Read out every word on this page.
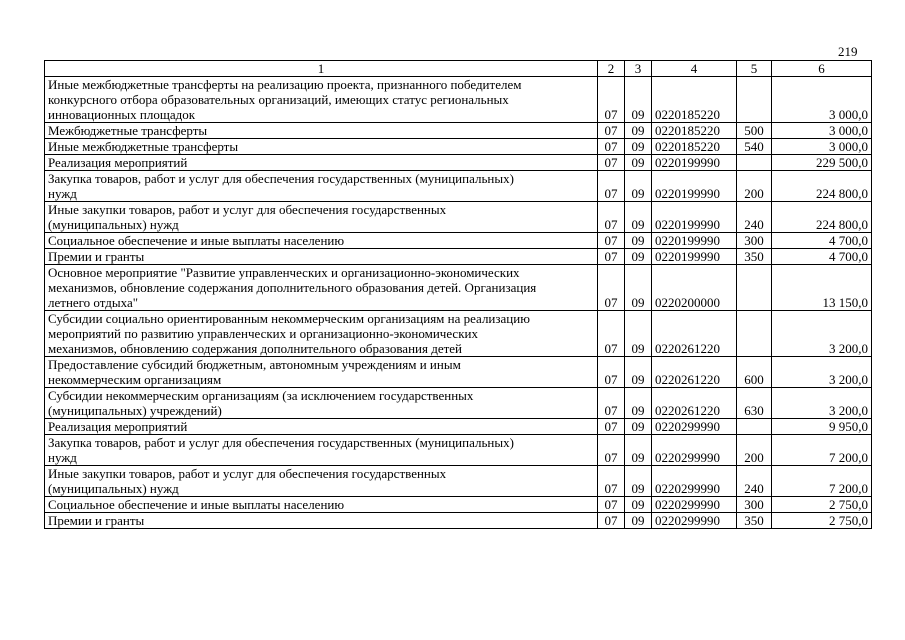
219
1	2	3	4	5	6

Иные межбюджетные трансферты на реализацию проекта, признанного победителем
конкурсного отбора образовательных организаций, имеющих статус региональных
инновационных площадок	07	09	0220185220		3 000,0

Межбюджетные трансферты	07	09	0220185220	500	3 000,0

Иные межбюджетные трансферты	07	09	0220185220	540	3 000,0

Реализация мероприятий	07	09	0220199990		229 500,0

Закупка товаров, работ и услуг для обеспечения государственных (муниципальных)
нужд	07	09	0220199990	200	224 800,0

Иные закупки товаров, работ и услуг для обеспечения государственных
(муниципальных) нужд	07	09	0220199990	240	224 800,0

Социальное обеспечение и иные выплаты населению	07	09	0220199990	300	4 700,0

Премии и гранты	07	09	0220199990	350	4 700,0

Основное мероприятие "Развитие управленческих и организационно-экономических
механизмов, обновление содержания дополнительного образования детей. Организация
летнего отдыха"	07	09	0220200000		13 150,0

Субсидии социально ориентированным некоммерческим организациям на реализацию
мероприятий по развитию управленческих и организационно-экономических
механизмов, обновлению содержания дополнительного образования детей	07	09	0220261220		3 200,0

Предоставление субсидий бюджетным, автономным учреждениям и иным
некоммерческим организациям	07	09	0220261220	600	3 200,0

Субсидии некоммерческим организациям (за исключением государственных
(муниципальных) учреждений)	07	09	0220261220	630	3 200,0

Реализация мероприятий	07	09	0220299990		9 950,0

Закупка товаров, работ и услуг для обеспечения государственных (муниципальных)
нужд	07	09	0220299990	200	7 200,0

Иные закупки товаров, работ и услуг для обеспечения государственных
(муниципальных) нужд	07	09	0220299990	240	7 200,0

Социальное обеспечение и иные выплаты населению	07	09	0220299990	300	2 750,0

Премии и гранты	07	09	0220299990	350	2 750,0
